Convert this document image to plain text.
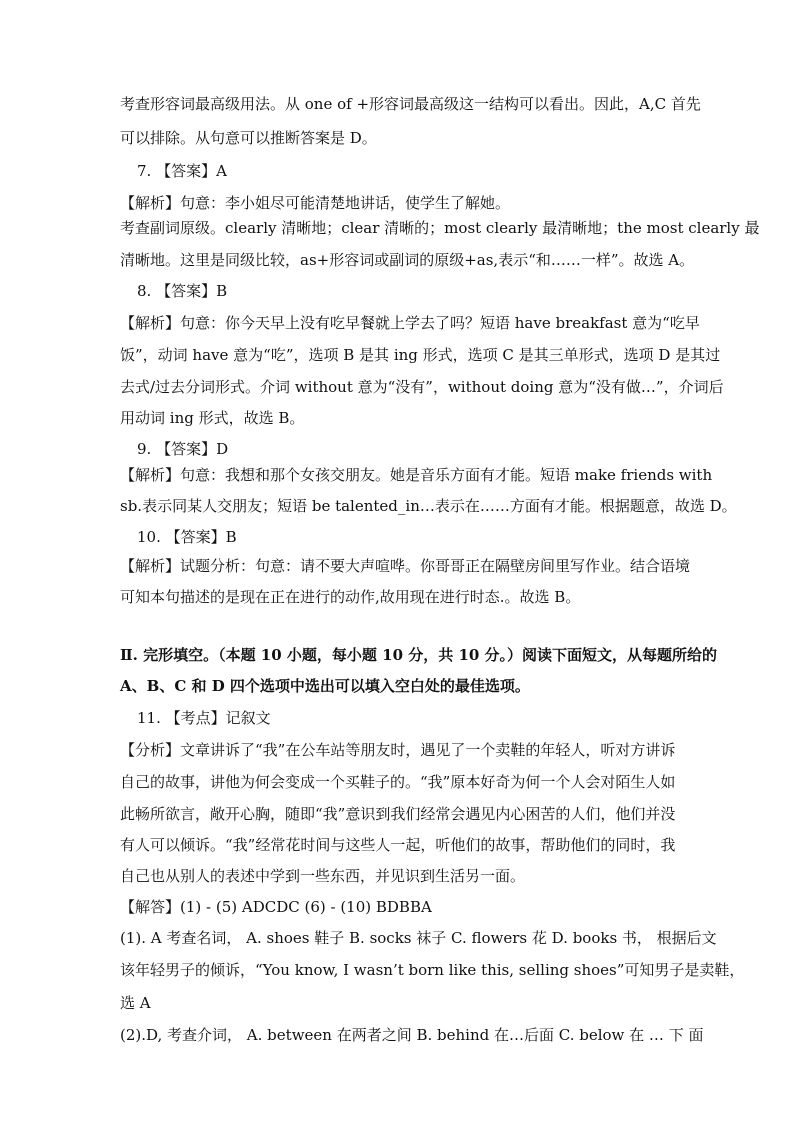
考查形容词最高级用法。从 one of +形容词最高级这一结构可以看出。因此，A,C 首先
可以排除。从句意可以推断答案是 D。
7. 【答案】A
【解析】句意：李小姐尽可能清楚地讲话，使学生了解她。
考查副词原级。clearly 清晰地；clear 清晰的；most clearly 最清晰地；the most clearly 最
清晰地。这里是同级比较，as+形容词或副词的原级+as,表示“和……一样”。故选 A。
8. 【答案】B
【解析】句意：你今天早上没有吃早餐就上学去了吗？短语 have breakfast 意为“吃早
饭”，动词 have 意为“吃”，选项 B 是其 ing 形式，选项 C 是其三单形式，选项 D 是其过
去式/过去分词形式。介词 without 意为“没有”，without doing 意为“没有做…”，介词后
用动词 ing 形式，故选 B。
9. 【答案】D
【解析】句意：我想和那个女孩交朋友。她是音乐方面有才能。短语 make friends with
sb.表示同某人交朋友；短语 be talented_in…表示在……方面有才能。根据题意，故选 D。
10. 【答案】B
【解析】试题分析：句意：请不要大声喧哗。你哥哥正在隔壁房间里写作业。结合语境
可知本句描述的是现在正在进行的动作,故用现在进行时态.。故选 B。
Ⅱ. 完形填空。（本题 10 小题，每小题 10 分，共 10 分。）阅读下面短文，从每题所给的
A、B、C 和 D 四个选项中选出可以填入空白处的最佳选项。
11. 【考点】记叙文
【分析】文章讲诉了“我”在公车站等朋友时，遇见了一个卖鞋的年轻人，听对方讲诉
自己的故事，讲他为何会变成一个买鞋子的。“我”原本好奇为何一个人会对陌生人如
此畅所欲言，敞开心胸，随即“我”意识到我们经常会遇见内心困苦的人们，他们并没
有人可以倾诉。“我”经常花时间与这些人一起，听他们的故事，帮助他们的同时，我
自己也从别人的表述中学到一些东西，并见识到生活另一面。
【解答】(1) - (5) ADCDC (6) - (10) BDBBA
(1). A 考查名词， A. shoes 鞋子 B. socks 袜子 C. flowers 花 D. books 书， 根据后文
该年轻男子的倾诉，“You know, I wasn’t born like this, selling shoes”可知男子是卖鞋，
选 A
(2).D, 考查介词， A. between 在两者之间 B. behind 在…后面 C. below 在 … 下 面
